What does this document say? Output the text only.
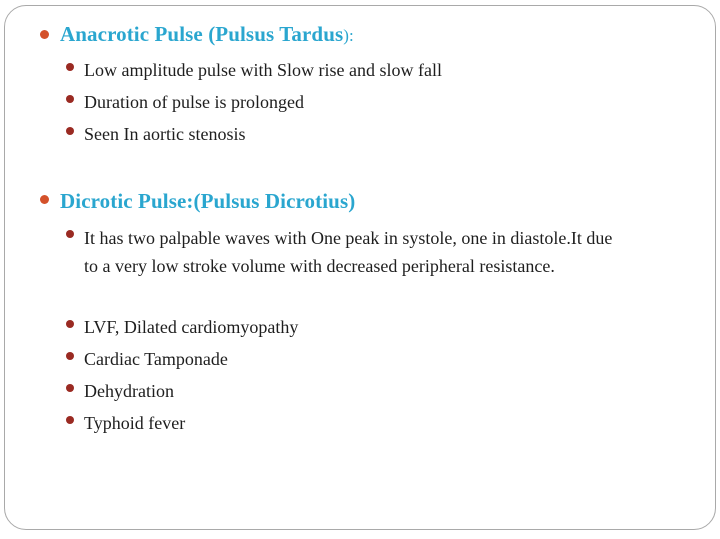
Anacrotic Pulse (Pulsus Tardus):
Low amplitude pulse with Slow rise and slow fall
Duration of pulse is prolonged
Seen In aortic stenosis
Dicrotic Pulse:(Pulsus Dicrotius)
It has two palpable waves with One peak in systole, one in diastole.It due to a very low stroke volume with decreased peripheral resistance.
LVF, Dilated cardiomyopathy
Cardiac Tamponade
Dehydration
Typhoid fever
